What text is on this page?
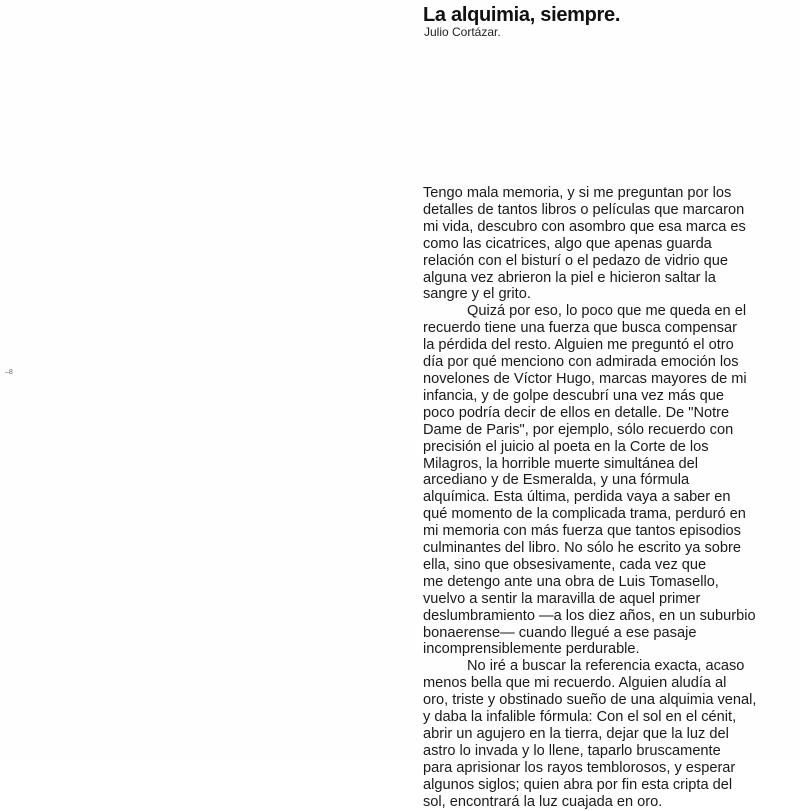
La alquimia, siempre.
Julio Cortázar.
–8

Tengo mala memoria, y si me preguntan por los
detalles de tantos libros o películas que marcaron
mi vida, descubro con asombro que esa marca es
como las cicatrices, algo que apenas guarda
relación con el bisturí o el pedazo de vidrio que
alguna vez abrieron la piel e hicieron saltar la
sangre y el grito.

Quizá por eso, lo poco que me queda en el
recuerdo tiene una fuerza que busca compensar
la pérdida del resto. Alguien me preguntó el otro
día por qué menciono con admirada emoción los
novelones de Víctor Hugo, marcas mayores de mi
infancia, y de golpe descubrí una vez más que
poco podría decir de ellos en detalle. De "Notre
Dame de Paris", por ejemplo, sólo recuerdo con
precisión el juicio al poeta en la Corte de los
Milagros, la horrible muerte simultánea del
arcediano y de Esmeralda, y una fórmula
alquímica. Esta última, perdida vaya a saber en
qué momento de la complicada trama, perduró en
mi memoria con más fuerza que tantos episodios
culminantes del libro. No sólo he escrito ya sobre
ella, sino que obsesivamente, cada vez que
me detengo ante una obra de Luis Tomasello,
vuelvo a sentir la maravilla de aquel primer
deslumbramiento —a los diez años, en un suburbio
bonaerense— cuando llegué a ese pasaje
incomprensiblemente perdurable.

No iré a buscar la referencia exacta, acaso
menos bella que mi recuerdo. Alguien aludía al
oro, triste y obstinado sueño de una alquimia venal,
y daba la infalible fórmula: Con el sol en el cénit,
abrir un agujero en la tierra, dejar que la luz del
astro lo invada y lo llene, taparlo bruscamente
para aprisionar los rayos temblorosos, y esperar
algunos siglos; quien abra por fin esta cripta del
sol, encontrará la luz cuajada en oro.
